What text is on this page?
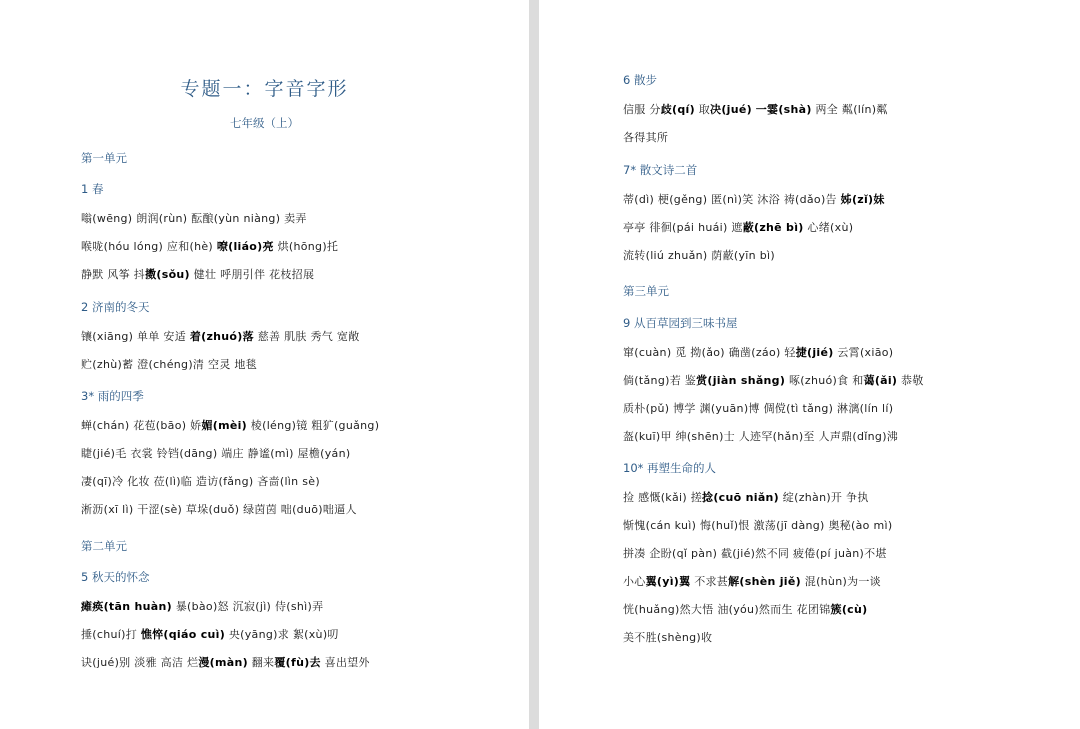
专题一：字音字形
七年级（上）
第一单元
1 春
嗡(wēng) 朗润(rùn) 酝酿(yùn niàng) 卖弄
喉咙(hóu lóng) 应和(hè) 嘹(liáo)亮 烘(hōng)托
静默 风筝 抖擞(sǒu) 健壮 呼朋引伴 花枝招展
2 济南的冬天
镶(xiāng) 单单 安适 着(zhuó)落 慈善 肌肤 秀气 宽敞
贮(zhù)蓄 澄(chéng)清 空灵 地毯
3* 雨的四季
蝉(chán) 花苞(bāo) 娇媚(mèi) 棱(léng)镜 粗犷(guǎng)
睫(jié)毛 衣裳 铃铛(dāng) 端庄 静谧(mì) 屋檐(yán)
凄(qī)冷 化妆 莅(lì)临 造访(fǎng) 吝啬(lìn sè)
淅沥(xī lì) 干涩(sè) 草垛(duǒ) 绿茵茵 咄(duō)咄逼人
第二单元
5 秋天的怀念
瘫痪(tān huàn) 暴(bào)怒 沉寂(jì) 侍(shì)弄
捶(chuí)打 憔悴(qiáo cuì) 央(yāng)求 絮(xù)叨
诀(jué)别 淡雅 高洁 烂漫(màn) 翻来覆(fù)去 喜出望外
6 散步
信服 分歧(qí) 取决(jué) 一霎(shà) 两全 粼(lín)粼
各得其所
7* 散文诗二首
蒂(dì) 梗(gěng) 匿(nì)笑 沐浴 祷(dǎo)告 姊(zǐ)妹
亭亭 徘徊(pái huái) 遮蔽(zhē bì) 心绪(xù)
流转(liú zhuǎn) 荫蔽(yīn bì)
第三单元
9 从百草园到三味书屋
窜(cuàn) 觅 拗(ǎo) 确凿(záo) 轻捷(jié) 云霄(xiāo)
倘(tǎng)若 鉴赏(jiàn shǎng) 啄(zhuó)食 和蔼(ǎi) 恭敬
质朴(pǔ) 博学 渊(yuān)博 倜傥(tì tǎng) 淋漓(lín lí)
盔(kuī)甲 绅(shēn)士 人迹罕(hǎn)至 人声鼎(dǐng)沸
10* 再塑生命的人
捡 感慨(kǎi) 搓捻(cuō niǎn) 绽(zhàn)开 争执
惭愧(cán kuì) 悔(huǐ)恨 激荡(jī dàng) 奥秘(ào mì)
拼凑 企盼(qǐ pàn) 截(jié)然不同 疲倦(pí juàn)不堪
小心翼(yì)翼 不求甚解(shèn jiě) 混(hùn)为一谈
恍(huǎng)然大悟 油(yóu)然而生 花团锦簇(cù)
美不胜(shèng)收
